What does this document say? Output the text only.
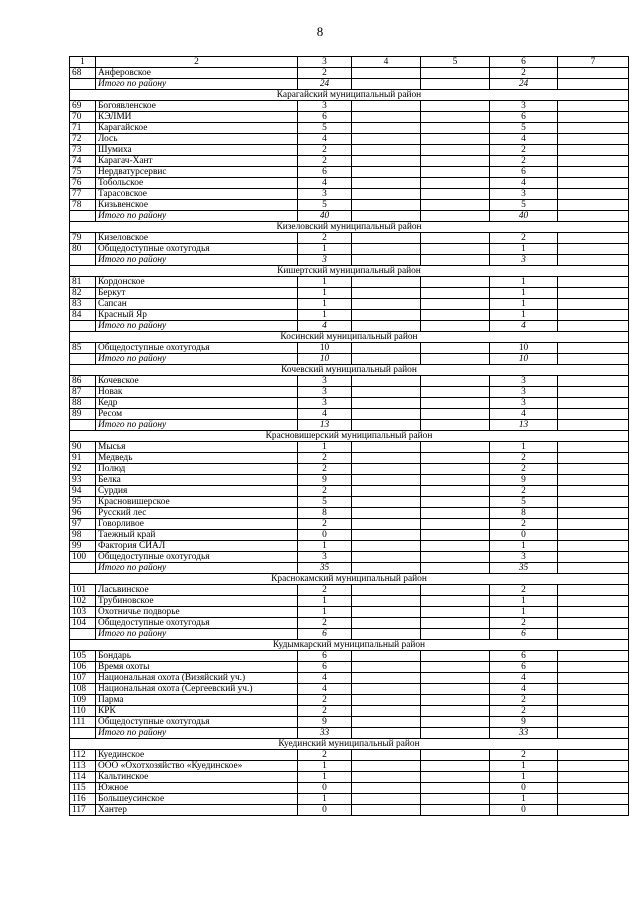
8
1	2	3	4	5	6	7
68	Анферовское	2			2	
	Итого по району	24			24	
Карагайский муниципальный район						
69	Богоявленское	3			3	
70	КЭЛМИ	6			6	
71	Карагайское	5			5	
72	Лось	4			4	
73	Шумиха	2			2	
74	Карагач-Хант	2			2	
75	Нердватурсервис	6			6	
76	Тобольское	4			4	
77	Тарасовское	3			3	
78	Кизьвенское	5			5	
	Итого по району	40			40	
Кизеловский муниципальный район						
79	Кизеловское	2			2	
80	Общедоступные охотугодья	1			1	
	Итого по району	3			3	
Кишертский муниципальный район						
81	Кордонское	1			1	
82	Беркут	1			1	
83	Сапсан	1			1	
84	Красный Яр	1			1	
	Итого по району	4			4	
Косинский муниципальный район						
85	Общедоступные охотугодья	10			10	
	Итого по району	10			10	
Кочевский муниципальный район						
86	Кочевское	3			3	
87	Новак	3			3	
88	Кедр	3			3	
89	Ресом	4			4	
	Итого по району	13			13	
Красновишерский муниципальный район						
90	Мысья	1			1	
91	Медведь	2			2	
92	Полюд	2			2	
93	Белка	9			9	
94	Сурдия	2			2	
95	Красновишерское	5			5	
96	Русский лес	8			8	
97	Говорливое	2			2	
98	Таежный край	0			0	
99	Фактория СИАЛ	1			1	
100	Общедоступные охотугодья	3			3	
	Итого по району	35			35	
Краснокамский муниципальный район						
101	Ласьвинское	2			2	
102	Трубиновское	1			1	
103	Охотничье подворье	1			1	
104	Общедоступные охотугодья	2			2	
	Итого по району	6			6	
Кудымкарский муниципальный район						
105	Бондарь	6			6	
106	Время охоты	6			6	
107	Национальная охота (Визяйский уч.)	4			4	
108	Национальная охота (Сергеевский уч.)	4			4	
109	Парма	2			2	
110	КРК	2			2	
111	Общедоступные охотугодья	9			9	
	Итого по району	33			33	
Куединский муниципальный район						
112	Куединское	2			2	
113	ООО «Охотхозяйство «Куединское»	1			1	
114	Кальтинское	1			1	
115	Южное	0			0	
116	Большеусинское	1			1	
117	Хантер	0			0	
